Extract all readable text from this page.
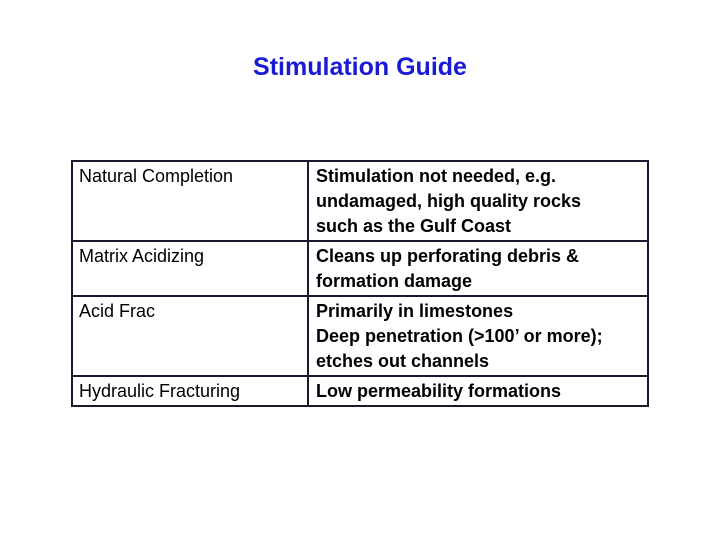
Stimulation Guide
Natural Completion	Stimulation not needed, e.g.
undamaged, high quality rocks
such as the Gulf Coast

Matrix Acidizing	Cleans up perforating debris &
formation damage

Acid Frac	Primarily in limestones
Deep penetration (>100’ or more);
etches out channels

Hydraulic Fracturing	Low permeability formations
